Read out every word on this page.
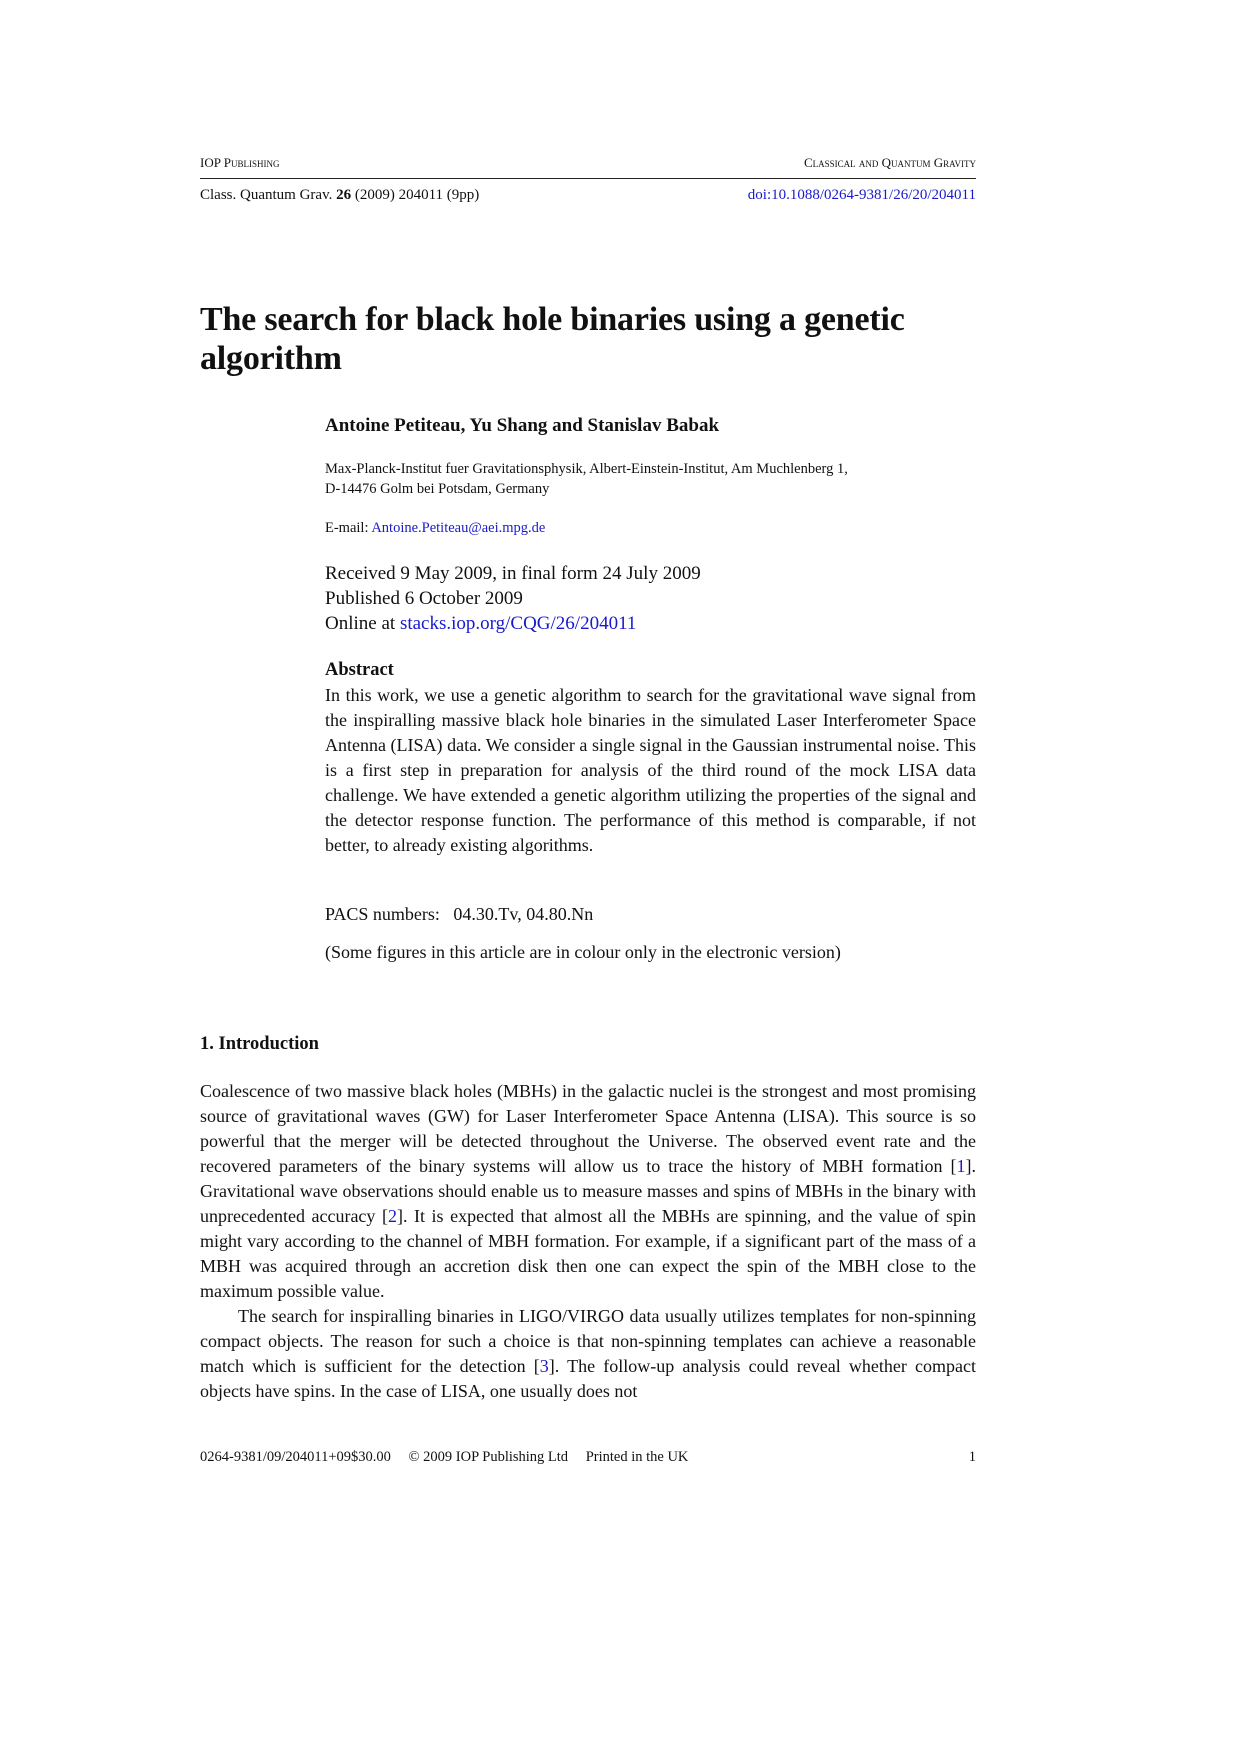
IOP Publishing	Classical and Quantum Gravity
Class. Quantum Grav. 26 (2009) 204011 (9pp)	doi:10.1088/0264-9381/26/20/204011
The search for black hole binaries using a genetic algorithm
Antoine Petiteau, Yu Shang and Stanislav Babak
Max-Planck-Institut fuer Gravitationsphysik, Albert-Einstein-Institut, Am Muchlenberg 1,
D-14476 Golm bei Potsdam, Germany
E-mail: Antoine.Petiteau@aei.mpg.de
Received 9 May 2009, in final form 24 July 2009
Published 6 October 2009
Online at stacks.iop.org/CQG/26/204011
Abstract
In this work, we use a genetic algorithm to search for the gravitational wave signal from the inspiralling massive black hole binaries in the simulated Laser Interferometer Space Antenna (LISA) data. We consider a single signal in the Gaussian instrumental noise. This is a first step in preparation for analysis of the third round of the mock LISA data challenge. We have extended a genetic algorithm utilizing the properties of the signal and the detector response function. The performance of this method is comparable, if not better, to already existing algorithms.
PACS numbers:   04.30.Tv, 04.80.Nn
(Some figures in this article are in colour only in the electronic version)
1. Introduction

Coalescence of two massive black holes (MBHs) in the galactic nuclei is the strongest and most promising source of gravitational waves (GW) for Laser Interferometer Space Antenna (LISA). This source is so powerful that the merger will be detected throughout the Universe. The observed event rate and the recovered parameters of the binary systems will allow us to trace the history of MBH formation [1]. Gravitational wave observations should enable us to measure masses and spins of MBHs in the binary with unprecedented accuracy [2]. It is expected that almost all the MBHs are spinning, and the value of spin might vary according to the channel of MBH formation. For example, if a significant part of the mass of a MBH was acquired through an accretion disk then one can expect the spin of the MBH close to the maximum possible value.

The search for inspiralling binaries in LIGO/VIRGO data usually utilizes templates for non-spinning compact objects. The reason for such a choice is that non-spinning templates can achieve a reasonable match which is sufficient for the detection [3]. The follow-up analysis could reveal whether compact objects have spins. In the case of LISA, one usually does not

0264-9381/09/204011+09$30.00 © 2009 IOP Publishing Ltd Printed in the UK	1
